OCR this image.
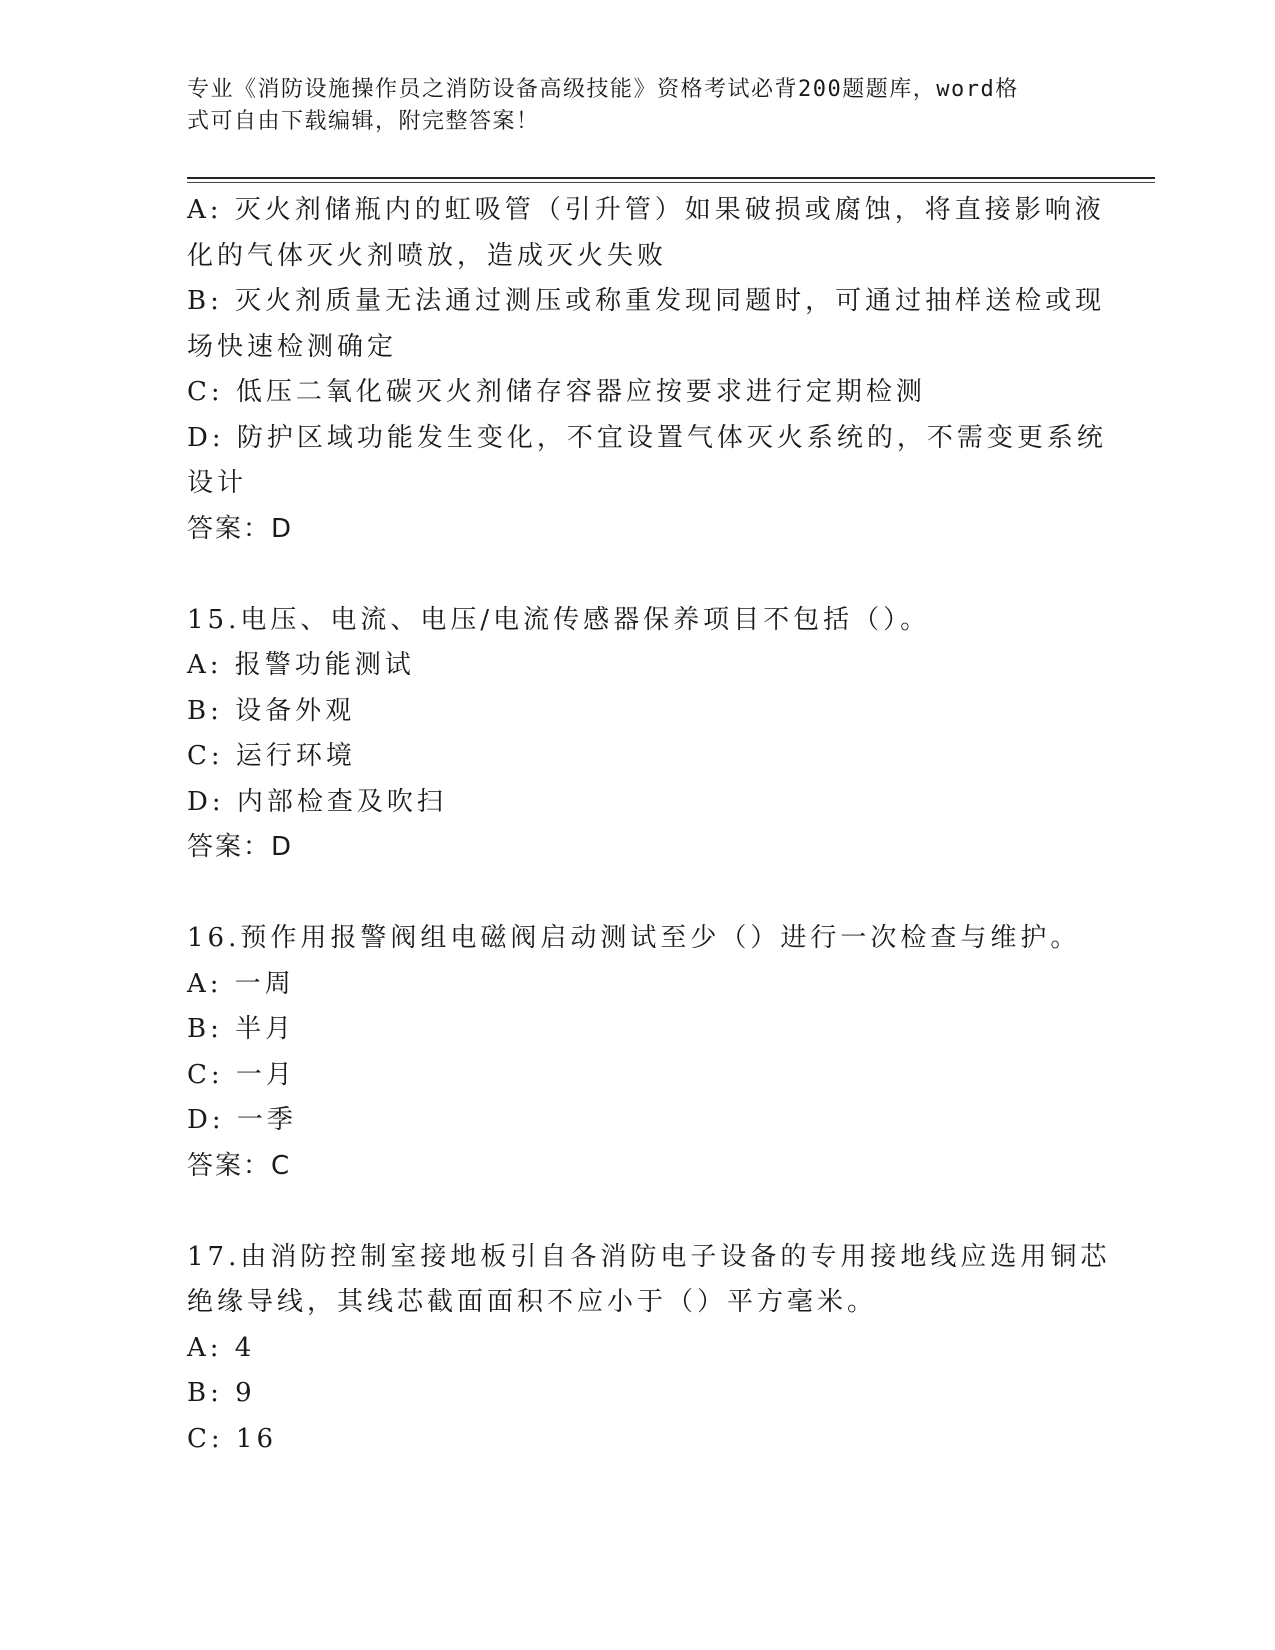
专业《消防设施操作员之消防设备高级技能》资格考试必背200题题库，word格
式可自由下载编辑，附完整答案！
A: 灭火剂储瓶内的虹吸管（引升管）如果破损或腐蚀，将直接影响液
化的气体灭火剂喷放，造成灭火失败
B: 灭火剂质量无法通过测压或称重发现同题时，可通过抽样送检或现
场快速检测确定
C: 低压二氧化碳灭火剂储存容器应按要求进行定期检测
D: 防护区域功能发生变化，不宜设置气体灭火系统的，不需变更系统
设计
答案：D
15.电压、电流、电压/电流传感器保养项目不包括（）。
A: 报警功能测试
B: 设备外观
C: 运行环境
D: 内部检查及吹扫
答案：D
16.预作用报警阀组电磁阀启动测试至少（）进行一次检查与维护。
A: 一周
B: 半月
C: 一月
D: 一季
答案：C
17.由消防控制室接地板引自各消防电子设备的专用接地线应选用铜芯
绝缘导线，其线芯截面面积不应小于（）平方毫米。
A: 4
B: 9
C: 16
